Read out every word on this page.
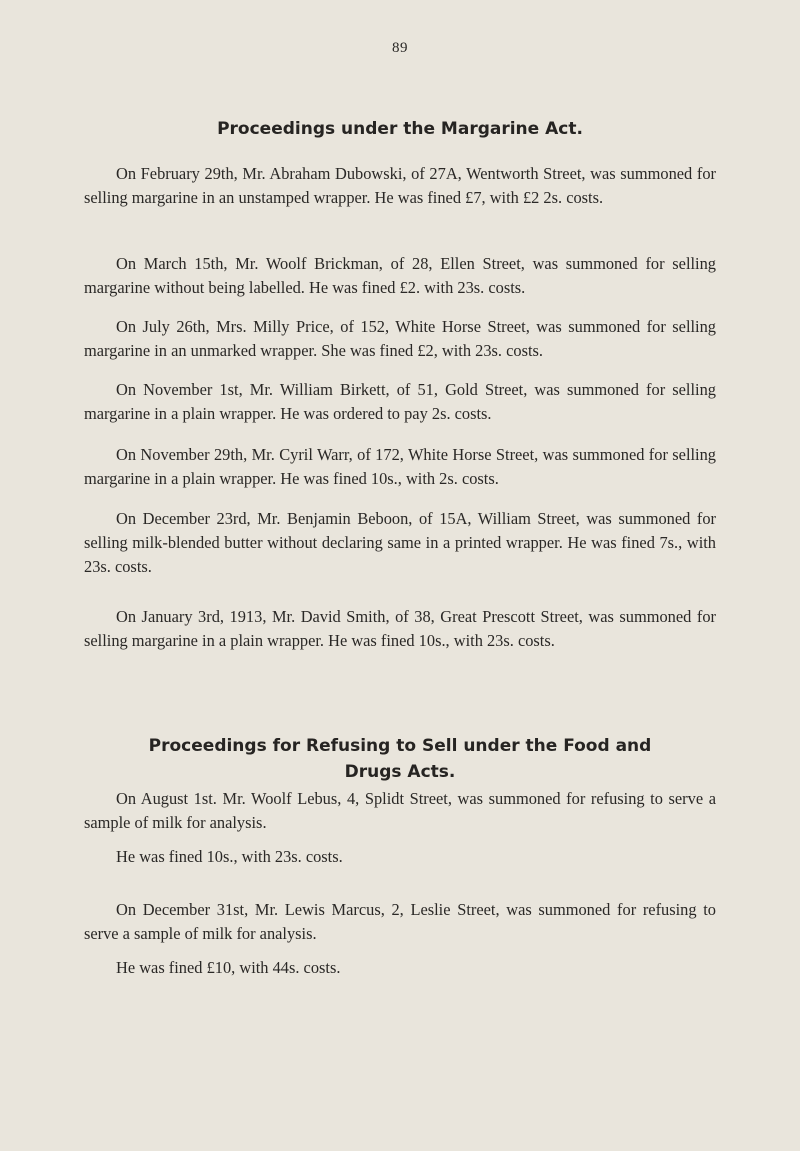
89
Proceedings under the Margarine Act.

On February 29th, Mr. Abraham Dubowski, of 27A, Wentworth Street, was summoned for selling margarine in an unstamped wrapper. He was fined £7, with £2 2s. costs.

On March 15th, Mr. Woolf Brickman, of 28, Ellen Street, was summoned for selling margarine without being labelled. He was fined £2. with 23s. costs.

On July 26th, Mrs. Milly Price, of 152, White Horse Street, was summoned for selling margarine in an unmarked wrapper. She was fined £2, with 23s. costs.

On November 1st, Mr. William Birkett, of 51, Gold Street, was summoned for selling margarine in a plain wrapper. He was ordered to pay 2s. costs.

On November 29th, Mr. Cyril Warr, of 172, White Horse Street, was summoned for selling margarine in a plain wrapper. He was fined 10s., with 2s. costs.

On December 23rd, Mr. Benjamin Beboon, of 15A, William Street, was summoned for selling milk-blended butter without declaring same in a printed wrapper. He was fined 7s., with 23s. costs.

On January 3rd, 1913, Mr. David Smith, of 38, Great Prescott Street, was summoned for selling margarine in a plain wrapper. He was fined 10s., with 23s. costs.

Proceedings for Refusing to Sell under the Food and
Drugs Acts.

On August 1st. Mr. Woolf Lebus, 4, Splidt Street, was summoned for refusing to serve a sample of milk for analysis.

He was fined 10s., with 23s. costs.

On December 31st, Mr. Lewis Marcus, 2, Leslie Street, was summoned for refusing to serve a sample of milk for analysis.

He was fined £10, with 44s. costs.
